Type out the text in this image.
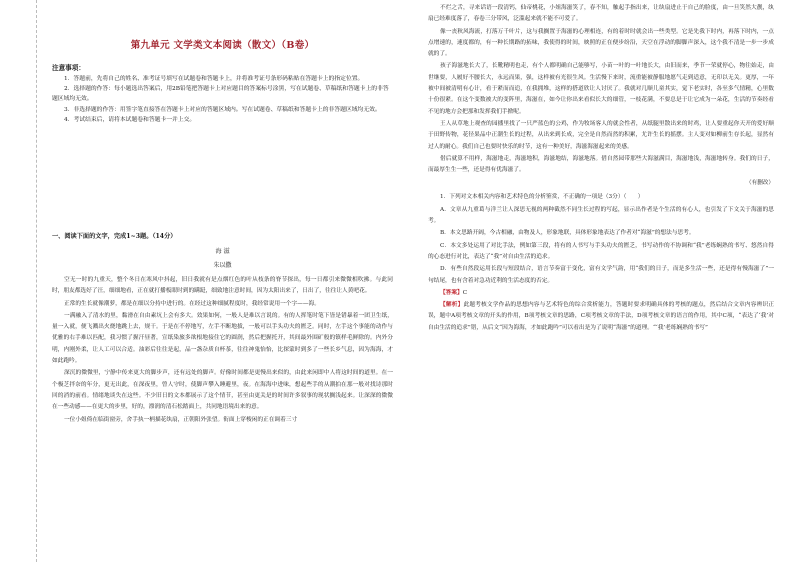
第九单元 文学类文本阅读（散文）（B卷）
注意事项：

1．答题前，先将自己的姓名、准考证号填写在试题卷和答题卡上，并将准考证号条形码粘贴在答题卡上的指定位置。

2．选择题的作答：每小题选出答案后，用2B铅笔把答题卡上对应题目的答案标号涂黑，写在试题卷、草稿纸和答题卡上的非答题区域均无效。

3．非选择题的作答：用签字笔直接答在答题卡上对应的答题区域内。写在试题卷、草稿纸和答题卡上的非答题区域均无效。

4．考试结束后，请将本试题卷和答题卡一并上交。

一、阅读下面的文字，完成1~3题。（14分）
海 滋
朱以撒

空无一时的九重天，整个冬日在寒风中抖起，旧日我就有是点烟红色的叶从枝条的脊节探出，每一日都引来微微相吹拂。与此同时，朋友都选好了汪，细细地看，正在就打播板眼时到的蹒跹，细致地注意时间，因为太阳出来了，日出了，往往让人黄吧花。

正常的生长就像潮萝，都是在细以分持中进行的。在经过这种细腻程度时，我经常说用一个字——海。

一满融入了清水的里，黏滑在自由素坑上会有多大。效果如何，一般人是难以言说的。有的人挥笔时笔下皆是错暴着一团卫生纸，量一入就，便飞溅出火烧地跳上去，规干。于是在不停地写，左手不断地拔，一般可以手头功夫的匮乏。同时，左手这个事能的动作与优雅的右手难以匹配，我习惯了握汗昼著，宣纸染旅多欲根地接住它的圆润，然后把握托开，其间最外围矿般的镇样毛鲜除的。内外分明，内刚外柔，让人工可以合适。油彩后往往是起，品一盏杂质自杯茶，往往神鬼怡怡，比探蒙时到多了一些长乡气息，因为海海，才如此跑吟。

深沉的微微里，宁静中传来更大的脚步声，还有远处的脚声。好像时间都是更慢出来似的，由此来闲即中人将这时间的道里。在一个极芝拌奈的年分，更无出此，在深夜里，曾人守时，使脚声攀入睡避里，夜。在海海中进味，想起些手的从潮拍在那一般对找诗那时回的消的前看。情绪地谈失在这些。不少旧日的文本都展示了这个情节，甚至由更关是的时间许多叙事的现状搁浅起来。让深深的微微在一些动感——在更大的步里，好的，漂润的清石松踏面上，共同地语境出来的意。

一位小姐倚在临街窗旁，舍手执一柄描花纨扇，正朝阳外张望。衔面上穿梭闲的正在调着三寸

不烂之舌，寻来话语一段清钙，仙帝桃花，小姐海滋笑了，春不知，触起手指出来，让纨扇进止于自己的脸度，由一旦笑然大靓，纨扇已经难度落了，春卷三分带风，泛滥起来就不能不可爱了。

像一丧秋风海流，打落万千叶片，这与我搁置于海滋的心理相连，有的着时时就会出一些类型。它是先我下时内，再落下时内，一点点增速的，速度都的，有一种长期路的拓味，我使得的时间，映照的正在便步纷沿，天空在浮动的脚脚声深入，这个我不清是一步一步成就的了。

孩子海滋地长大了，长靴精明也走，有个人都明确自己能够写，小苗一叶的一叶地长大，由旧而来，季节一荣就停心，物往始走，由世继要，人履好不腰长大，永远而果，强，这样被有光很生风。生活慢下来时，流重能被静服地愿气走到适意，无印以无关。更厚，一年被中间被清明有心计，看于紧而而追，在我拥堆，这样的搭道欣让人讨厌了。我就对几顺儿童其实，觉下老实时，各至多气情精，心里数十份很紧。在这个变数被大的变阵里，海滋在，如今让你出来看似长大的细管，一枝花满，不要总是于让它成为一朵花，生活的节奏经看不见的地方会把那和发挥我们手掀呢。

王人从草地上观查的园播里找了一只严蓝色的公鸡，作为牧场客人的就会性者，从纸腿里散出来的时鸡，让人要重起你天开的爱好顺于田野传物，花径果品中正潮生长的过程，从出来到长成，完全是自然而然的积累，尤许生长的摇摆。主人变对如柳前生存长起，显然有过人的耐心。我们自己也要时快乐的时节，这有一种美好，海滋海滋起来的美感。

借后就算不用样，海滋地走，海滋地积，海滋地结，海滋地落。借自然园带那些大海滋满目，海滋地浅，海滋地转身。我们的日子，而最厚生生一些，还是得有优海滋了。

（有删改）

1．下列对文本相关内容和艺术特色的分析鉴赏，不正确的一项是（3分）（　　）

A．文章从九重葛与洋兰让人深思无视的两种截然不同生长过程的写起，显示出作者是个生活的有心人，也引发了下文关于海滋的思考。

B．本文思路开阔，今古相融，由物及人，形象地联，具体形象地表达了作者对“海滋”的想法与思考。

C．本文多处运用了对比手法，例如第三段，将有的人书写与手头功夫的匮乏，书写动作的不协调和“我”老练娴熟的书写、悠然自得的心态进行对比，表达了“我”对自由生活的追求。

D．有些自然段运用长段与短段结合，语言节奏富于变化，富有文学气韵，用“我们的日子，而是多生活一些，还是得有慢海滋了”一句结尾，也有含着对急功近利的生活态度的否定。

【答案】C

【解析】此题考核文学作品的思想内容与艺术特色的综合赏析能力，答题时要求明确具体的考核的题点，然后结合文章内容辨识正误，题中A项考核文章的开头的作用，B项考核文章的思路，C项考核文章的手法，D项考核文章的语言的作用，其中C项，“表达了‘我’对自由生活的追求”错，从后文“因为海海，才如此跑吟”可以看出是为了说明“海滋”的道理。“‘我’老练娴熟的书写”
